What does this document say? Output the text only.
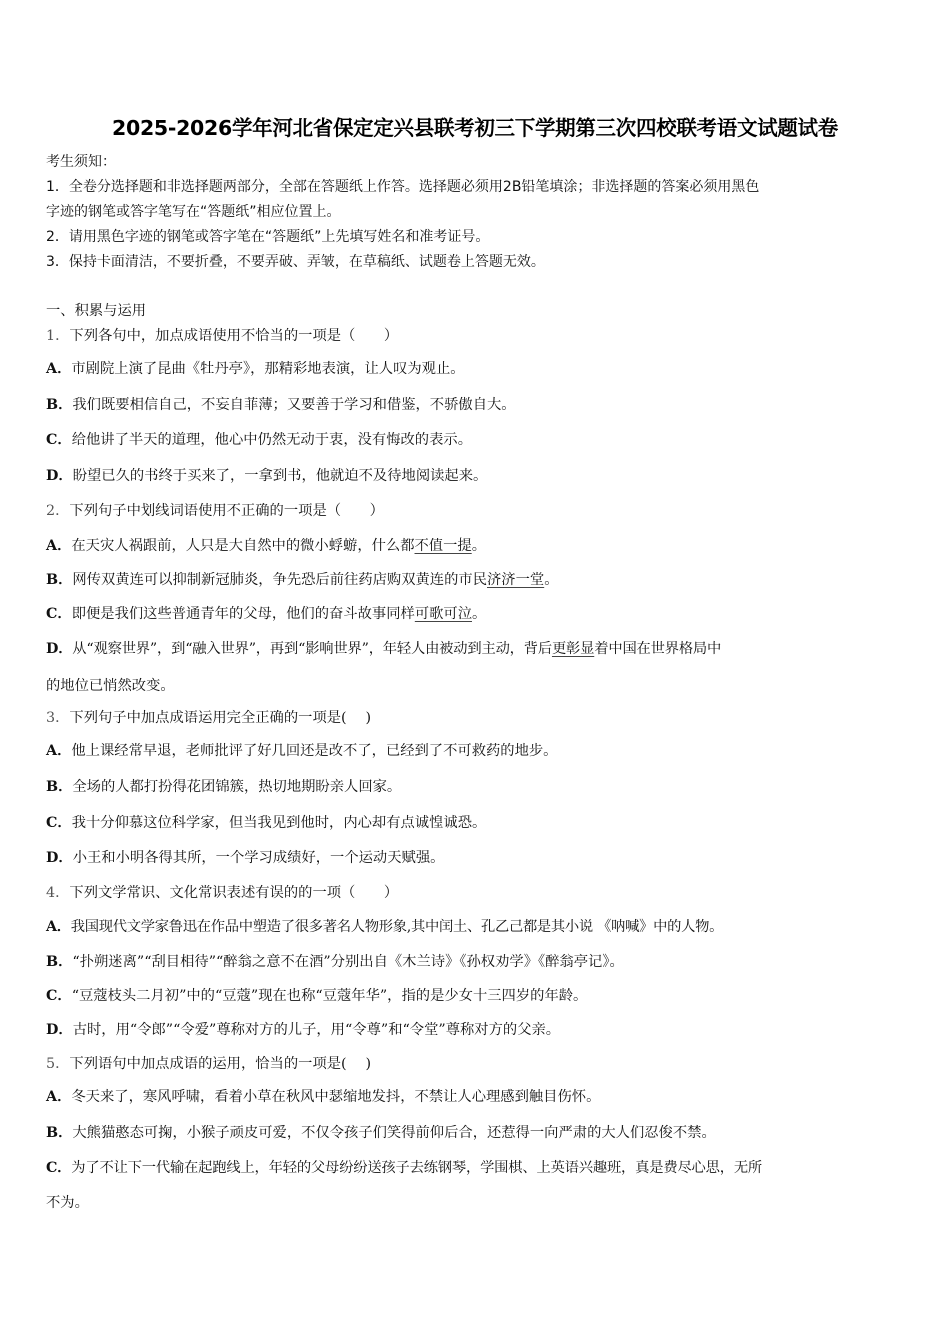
2025-2026学年河北省保定定兴县联考初三下学期第三次四校联考语文试题试卷
考生须知：
1．全卷分选择题和非选择题两部分，全部在答题纸上作答。选择题必须用2B铅笔填涂；非选择题的答案必须用黑色
字迹的钢笔或答字笔写在“答题纸”相应位置上。
2．请用黑色字迹的钢笔或答字笔在“答题纸”上先填写姓名和准考证号。
3．保持卡面清洁，不要折叠，不要弄破、弄皱，在草稿纸、试题卷上答题无效。
一、积累与运用
1．下列各句中，加点成语使用不恰当的一项是（　　）
A．市剧院上演了昆曲《牡丹亭》，那精彩地表演，让人叹为观止。
B．我们既要相信自己，不妄自菲薄；又要善于学习和借鉴，不骄傲自大。
C．给他讲了半天的道理，他心中仍然无动于衷，没有悔改的表示。
D．盼望已久的书终于买来了，一拿到书，他就迫不及待地阅读起来。
2．下列句子中划线词语使用不正确的一项是（　　）
A．在天灾人祸跟前，人只是大自然中的微小蜉蝣，什么都不值一提。
B．网传双黄连可以抑制新冠肺炎，争先恐后前往药店购双黄连的市民济济一堂。
C．即便是我们这些普通青年的父母，他们的奋斗故事同样可歌可泣。
D．从“观察世界”，到“融入世界”，再到“影响世界”，年轻人由被动到主动，背后更彰显着中国在世界格局中
的地位已悄然改变。
3．下列句子中加点成语运用完全正确的一项是(　 )
A．他上课经常早退，老师批评了好几回还是改不了，已经到了不可救药的地步。
B．全场的人都打扮得花团锦簇，热切地期盼亲人回家。
C．我十分仰慕这位科学家，但当我见到他时，内心却有点诚惶诚恐。
D．小王和小明各得其所，一个学习成绩好，一个运动天赋强。
4．下列文学常识、文化常识表述有误的的一项（　　）
A．我国现代文学家鲁迅在作品中塑造了很多著名人物形象,其中闰土、孔乙己都是其小说 《呐喊》中的人物。
B．“扑朔迷离”“刮目相待”“醉翁之意不在酒”分别出自《木兰诗》《孙权劝学》《醉翁亭记》。
C．“豆蔻枝头二月初”中的“豆蔻”现在也称“豆蔻年华”，指的是少女十三四岁的年龄。
D．古时，用“令郎”“令爱”尊称对方的儿子，用“令尊”和“令堂”尊称对方的父亲。
5．下列语句中加点成语的运用，恰当的一项是(　 )
A．冬天来了，寒风呼啸，看着小草在秋风中瑟缩地发抖，不禁让人心理感到触目伤怀。
B．大熊猫憨态可掬，小猴子顽皮可爱，不仅令孩子们笑得前仰后合，还惹得一向严肃的大人们忍俊不禁。
C．为了不让下一代输在起跑线上，年轻的父母纷纷送孩子去练钢琴，学围棋、上英语兴趣班，真是费尽心思，无所
不为。
